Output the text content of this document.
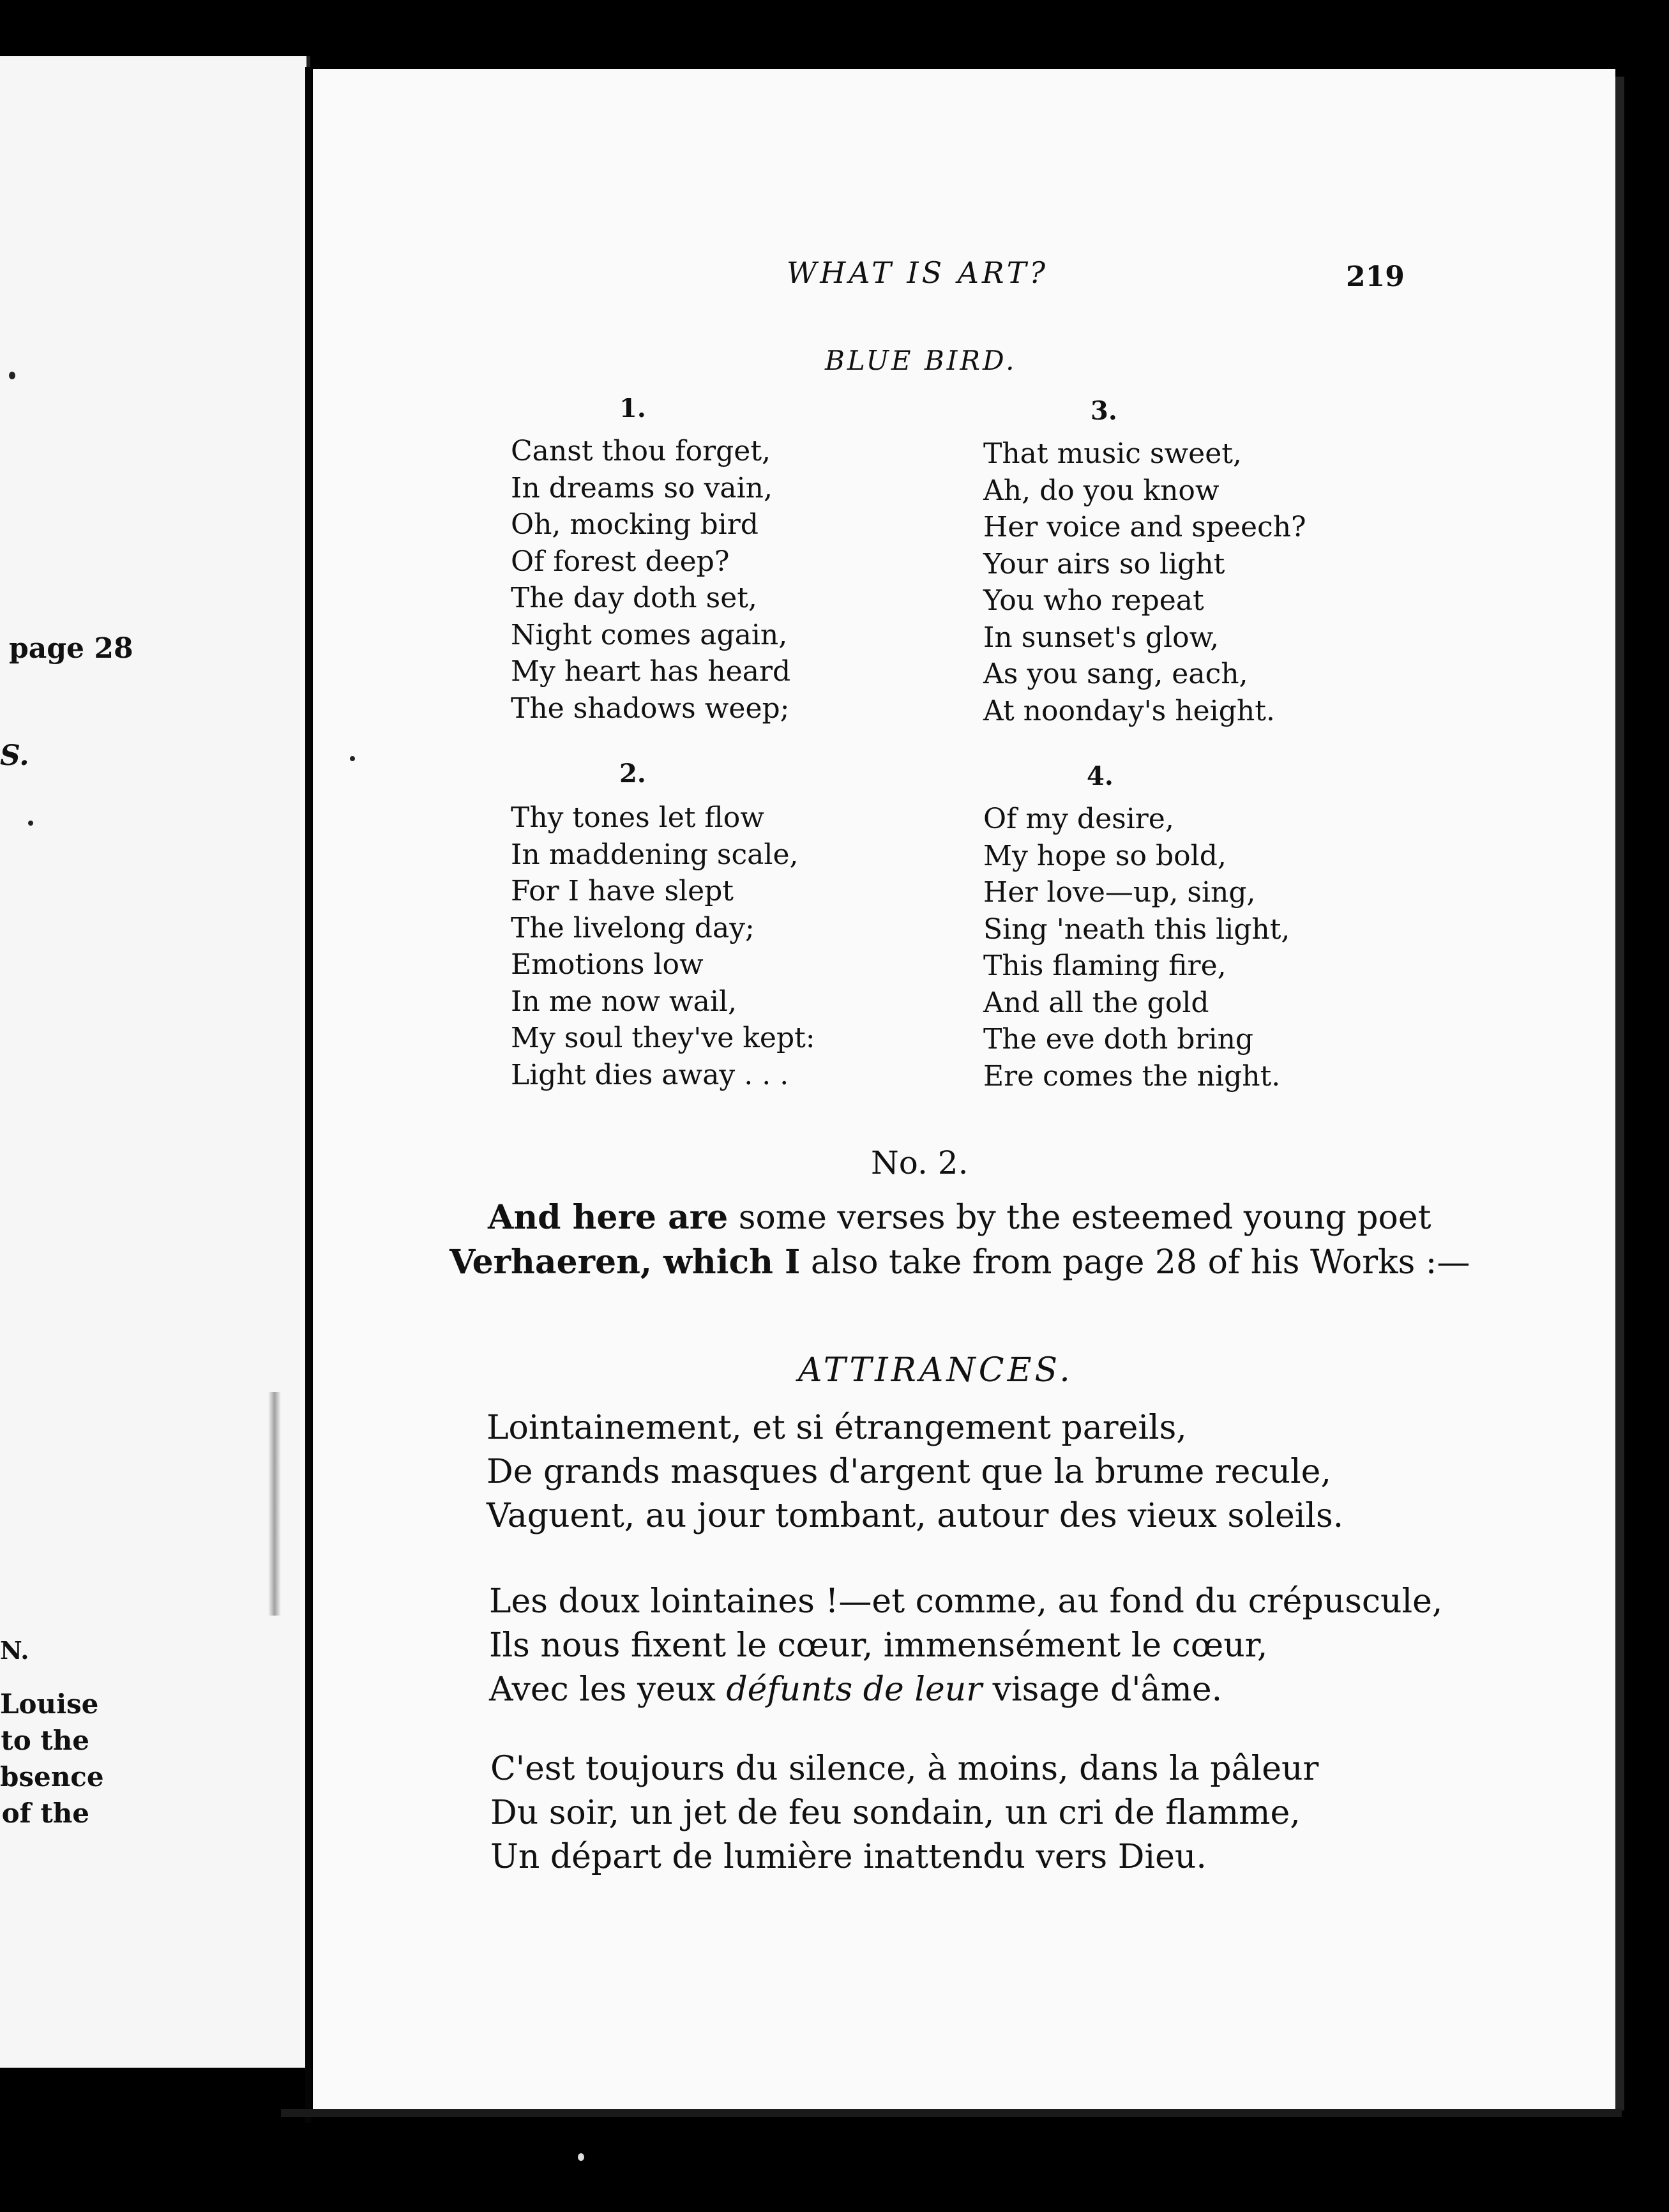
page 28
S.
N.
Louise
to the
bsence
of the
WHAT IS ART?	219
BLUE BIRD.
1.
Canst thou forget,
In dreams so vain,
Oh, mocking bird
Of forest deep?
The day doth set,
Night comes again,
My heart has heard
The shadows weep;
3.
That music sweet,
Ah, do you know
Her voice and speech?
Your airs so light
You who repeat
In sunset's glow,
As you sang, each,
At noonday's height.
2.
Thy tones let flow
In maddening scale,
For I have slept
The livelong day;
Emotions low
In me now wail,
My soul they've kept:
Light dies away . . .
4.
Of my desire,
My hope so bold,
Her love—up, sing,
Sing 'neath this light,
This flaming fire,
And all the gold
The eve doth bring
Ere comes the night.
No. 2.
And here are some verses by the esteemed young poet
Verhaeren, which I also take from page 28 of his Works :—
ATTIRANCES.
Lointainement, et si étrangement pareils,
De grands masques d'argent que la brume recule,
Vaguent, au jour tombant, autour des vieux soleils.
Les doux lointaines !—et comme, au fond du crépuscule,
Ils nous fixent le cœur, immensément le cœur,
Avec les yeux défunts de leur visage d'âme.
C'est toujours du silence, à moins, dans la pâleur
Du soir, un jet de feu sondain, un cri de flamme,
Un départ de lumière inattendu vers Dieu.
